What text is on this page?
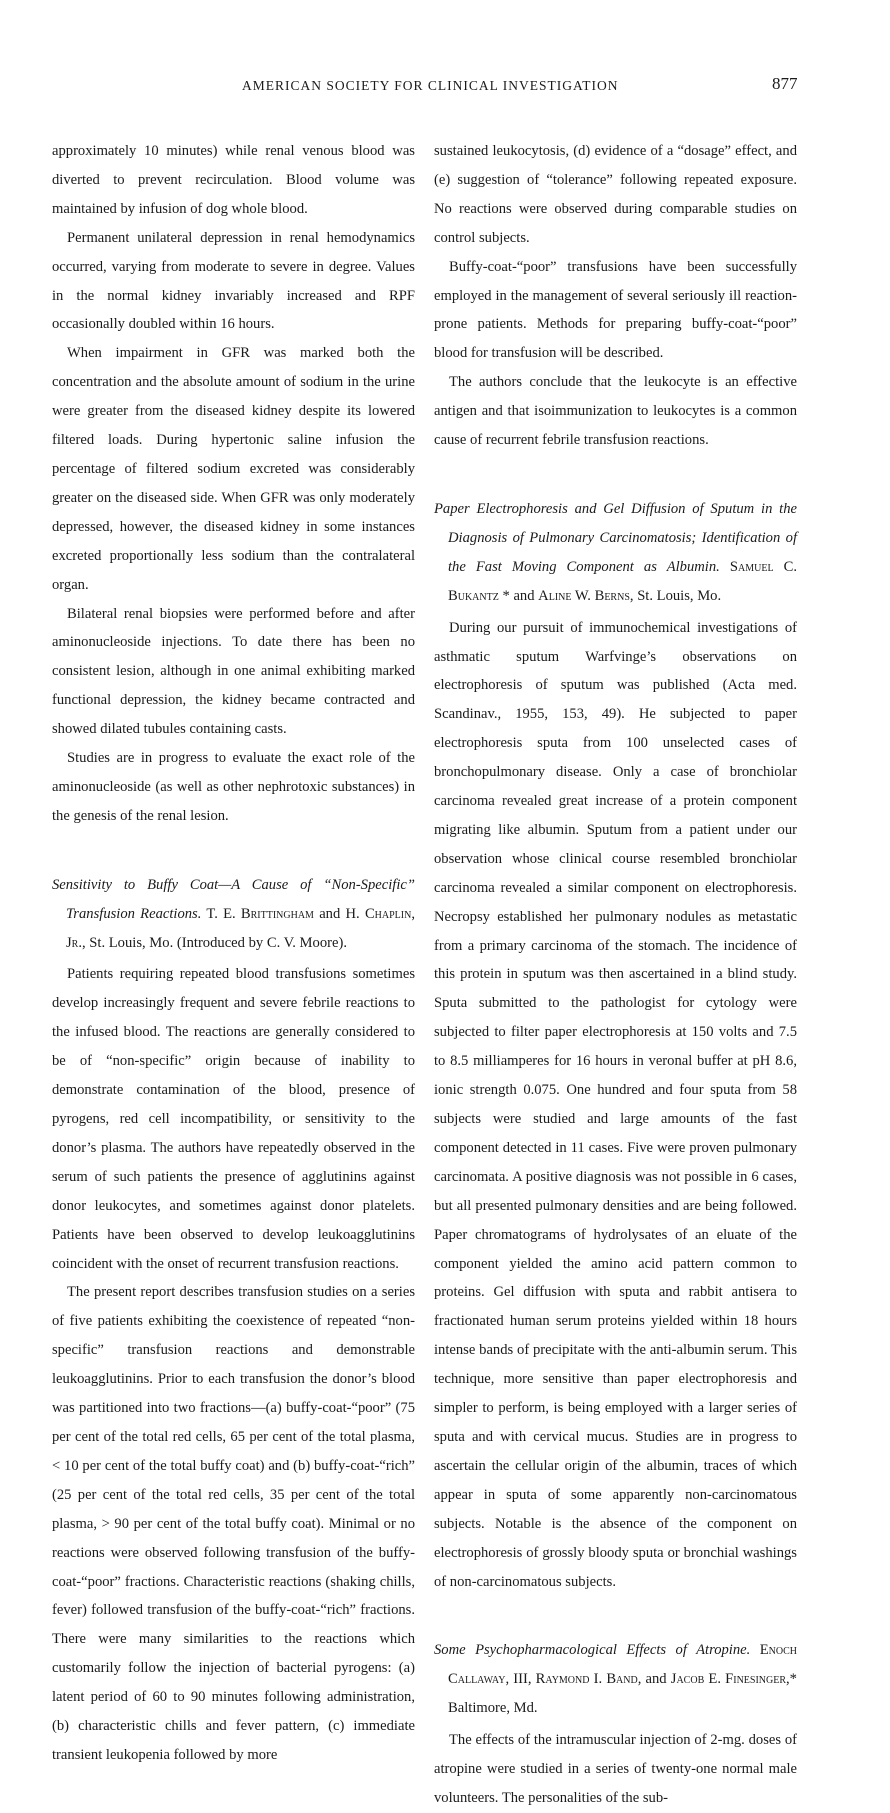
AMERICAN SOCIETY FOR CLINICAL INVESTIGATION	877

approximately 10 minutes) while renal venous blood was diverted to prevent recirculation. Blood volume was maintained by infusion of dog whole blood.

Permanent unilateral depression in renal hemodynamics occurred, varying from moderate to severe in degree. Values in the normal kidney invariably increased and RPF occasionally doubled within 16 hours.

When impairment in GFR was marked both the concentration and the absolute amount of sodium in the urine were greater from the diseased kidney despite its lowered filtered loads. During hypertonic saline infusion the percentage of filtered sodium excreted was considerably greater on the diseased side. When GFR was only moderately depressed, however, the diseased kidney in some instances excreted proportionally less sodium than the contralateral organ.

Bilateral renal biopsies were performed before and after aminonucleoside injections. To date there has been no consistent lesion, although in one animal exhibiting marked functional depression, the kidney became contracted and showed dilated tubules containing casts.

Studies are in progress to evaluate the exact role of the aminonucleoside (as well as other nephrotoxic substances) in the genesis of the renal lesion.

Sensitivity to Buffy Coat—A Cause of “Non-Specific” Transfusion Reactions. T. E. Brittingham and H. Chaplin, Jr., St. Louis, Mo. (Introduced by C. V. Moore).

Patients requiring repeated blood transfusions sometimes develop increasingly frequent and severe febrile reactions to the infused blood. The reactions are generally considered to be of “non-specific” origin because of inability to demonstrate contamination of the blood, presence of pyrogens, red cell incompatibility, or sensitivity to the donor’s plasma. The authors have repeatedly observed in the serum of such patients the presence of agglutinins against donor leukocytes, and sometimes against donor platelets. Patients have been observed to develop leukoagglutinins coincident with the onset of recurrent transfusion reactions.

The present report describes transfusion studies on a series of five patients exhibiting the coexistence of repeated “non-specific” transfusion reactions and demonstrable leukoagglutinins. Prior to each transfusion the donor’s blood was partitioned into two fractions—(a) buffy-coat-“poor” (75 per cent of the total red cells, 65 per cent of the total plasma, < 10 per cent of the total buffy coat) and (b) buffy-coat-“rich” (25 per cent of the total red cells, 35 per cent of the total plasma, > 90 per cent of the total buffy coat). Minimal or no reactions were observed following transfusion of the buffy-coat-“poor” fractions. Characteristic reactions (shaking chills, fever) followed transfusion of the buffy-coat-“rich” fractions. There were many similarities to the reactions which customarily follow the injection of bacterial pyrogens: (a) latent period of 60 to 90 minutes following administration, (b) characteristic chills and fever pattern, (c) immediate transient leukopenia followed by more

sustained leukocytosis, (d) evidence of a “dosage” effect, and (e) suggestion of “tolerance” following repeated exposure. No reactions were observed during comparable studies on control subjects.

Buffy-coat-“poor” transfusions have been successfully employed in the management of several seriously ill reaction-prone patients. Methods for preparing buffy-coat-“poor” blood for transfusion will be described.

The authors conclude that the leukocyte is an effective antigen and that isoimmunization to leukocytes is a common cause of recurrent febrile transfusion reactions.

Paper Electrophoresis and Gel Diffusion of Sputum in the Diagnosis of Pulmonary Carcinomatosis; Identification of the Fast Moving Component as Albumin. Samuel C. Bukantz * and Aline W. Berns, St. Louis, Mo.

During our pursuit of immunochemical investigations of asthmatic sputum Warfvinge’s observations on electrophoresis of sputum was published (Acta med. Scandinav., 1955, 153, 49). He subjected to paper electrophoresis sputa from 100 unselected cases of bronchopulmonary disease. Only a case of bronchiolar carcinoma revealed great increase of a protein component migrating like albumin. Sputum from a patient under our observation whose clinical course resembled bronchiolar carcinoma revealed a similar component on electrophoresis. Necropsy established her pulmonary nodules as metastatic from a primary carcinoma of the stomach. The incidence of this protein in sputum was then ascertained in a blind study. Sputa submitted to the pathologist for cytology were subjected to filter paper electrophoresis at 150 volts and 7.5 to 8.5 milliamperes for 16 hours in veronal buffer at pH 8.6, ionic strength 0.075. One hundred and four sputa from 58 subjects were studied and large amounts of the fast component detected in 11 cases. Five were proven pulmonary carcinomata. A positive diagnosis was not possible in 6 cases, but all presented pulmonary densities and are being followed. Paper chromatograms of hydrolysates of an eluate of the component yielded the amino acid pattern common to proteins. Gel diffusion with sputa and rabbit antisera to fractionated human serum proteins yielded within 18 hours intense bands of precipitate with the anti-albumin serum. This technique, more sensitive than paper electrophoresis and simpler to perform, is being employed with a larger series of sputa and with cervical mucus. Studies are in progress to ascertain the cellular origin of the albumin, traces of which appear in sputa of some apparently non-carcinomatous subjects. Notable is the absence of the component on electrophoresis of grossly bloody sputa or bronchial washings of non-carcinomatous subjects.

Some Psychopharmacological Effects of Atropine. Enoch Callaway, III, Raymond I. Band, and Jacob E. Finesinger,* Baltimore, Md.

The effects of the intramuscular injection of 2-mg. doses of atropine were studied in a series of twenty-one normal male volunteers. The personalities of the sub-
